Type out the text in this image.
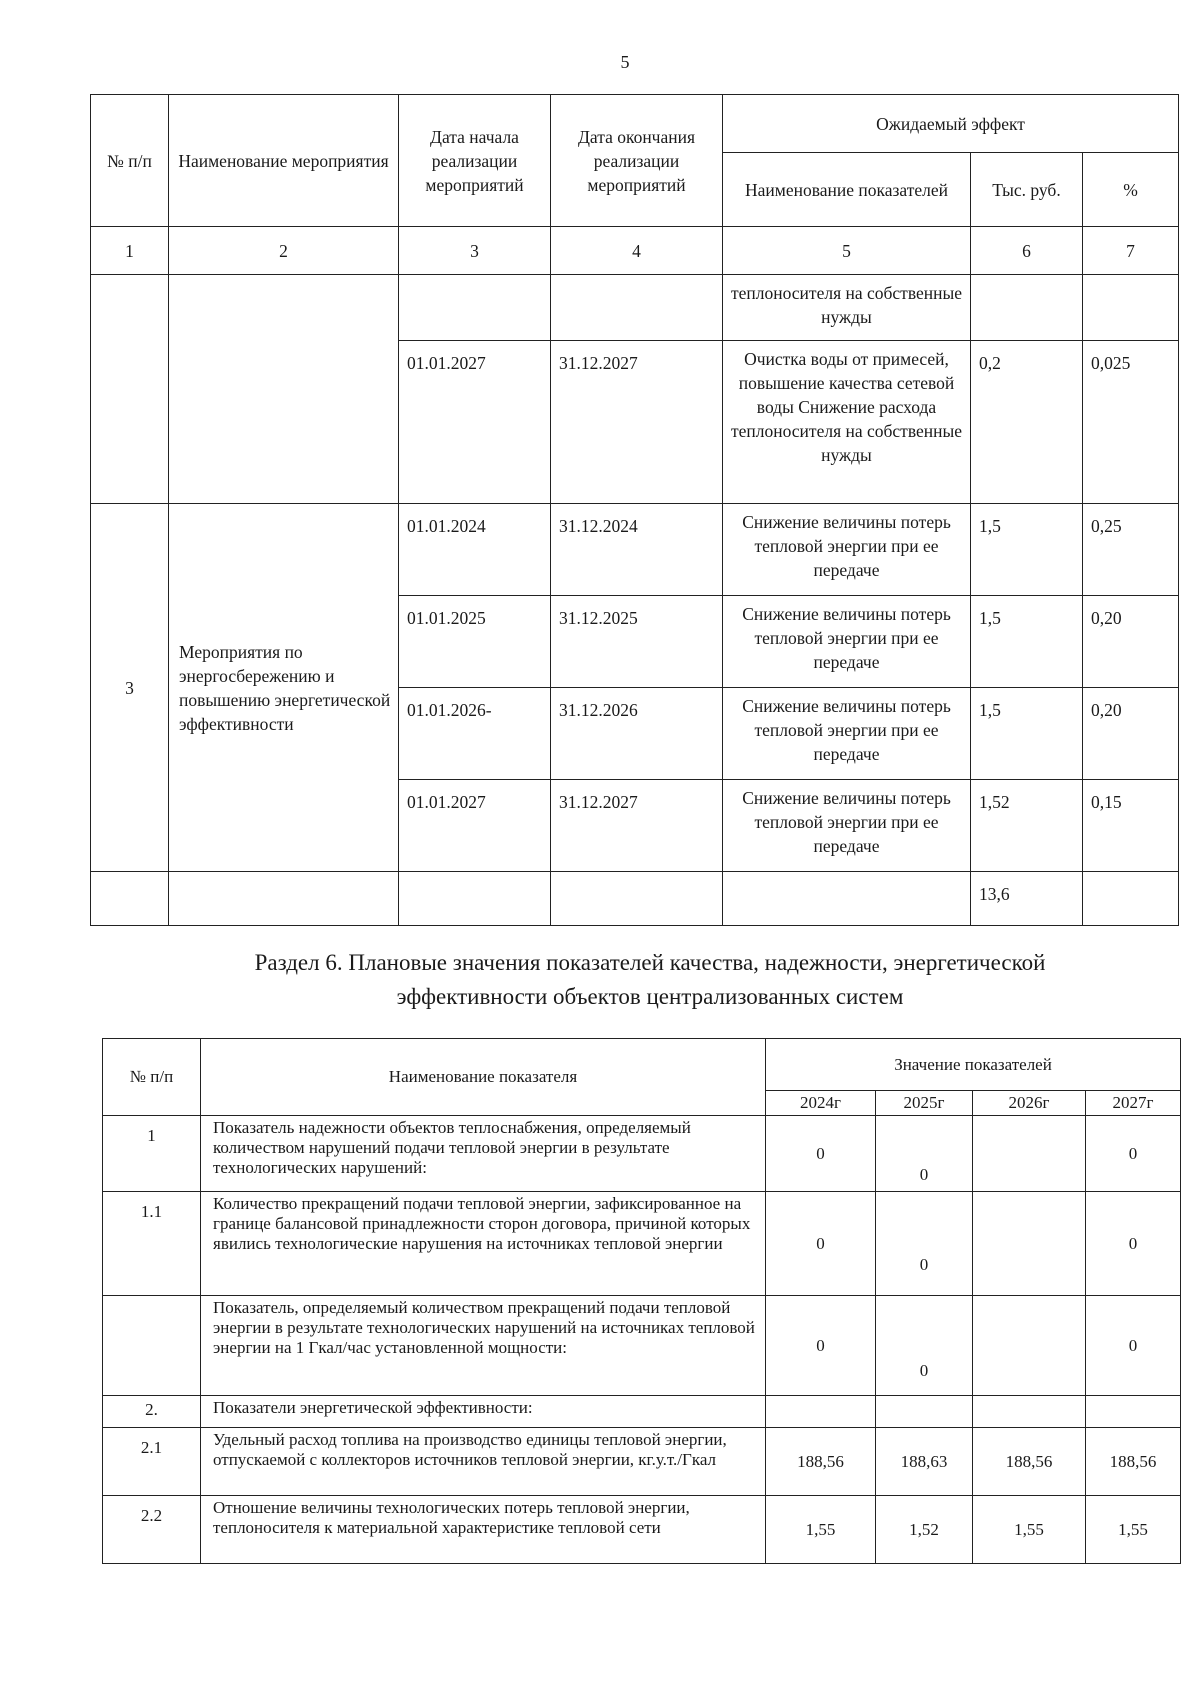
5
№ п/п	Наименование мероприятия	Дата начала реализации мероприятий	Дата окончания реализации мероприятий	Ожидаемый эффект		
				Наименование показателей	Тыс. руб.	%
1	2	3	4	5	6	7
				теплоносителя на собственные нужды		
		01.01.2027	31.12.2027	Очистка воды от примесей, повышение качества сетевой воды Снижение расхода теплоносителя на собственные нужды	0,2	0,025
3	Мероприятия по энергосбережению и повышению энергетической эффективности	01.01.2024	31.12.2024	Снижение величины потерь тепловой энергии при ее передаче	1,5	0,25
		01.01.2025	31.12.2025	Снижение величины потерь тепловой энергии при ее передаче	1,5	0,20
		01.01.2026-	31.12.2026	Снижение величины потерь тепловой энергии при ее передаче	1,5	0,20
		01.01.2027	31.12.2027	Снижение величины потерь тепловой энергии при ее передаче	1,52	0,15
					13,6	
Раздел 6. Плановые значения показателей качества, надежности, энергетической
эффективности объектов централизованных систем
№ п/п	Наименование показателя	Значение показателей			
		2024г	2025г	2026г	2027г
1	Показатель надежности объектов теплоснабжения, определяемый количеством нарушений подачи тепловой энергии в результате технологических нарушений:	0	0		0
1.1	Количество прекращений подачи тепловой энергии, зафиксированное на границе балансовой принадлежности сторон договора, причиной которых явились технологические нарушения на источниках тепловой энергии	0	0		0
	Показатель, определяемый количеством прекращений подачи тепловой энергии в результате технологических нарушений на источниках тепловой энергии на 1 Гкал/час установленной мощности:	0	0		0
2.	Показатели энергетической эффективности:				
2.1	Удельный расход топлива на производство единицы тепловой энергии, отпускаемой с коллекторов источников тепловой энергии, кг.у.т./Гкал	188,56	188,63	188,56	188,56
2.2	Отношение величины технологических потерь тепловой энергии, теплоносителя к материальной характеристике тепловой сети	1,55	1,52	1,55	1,55
